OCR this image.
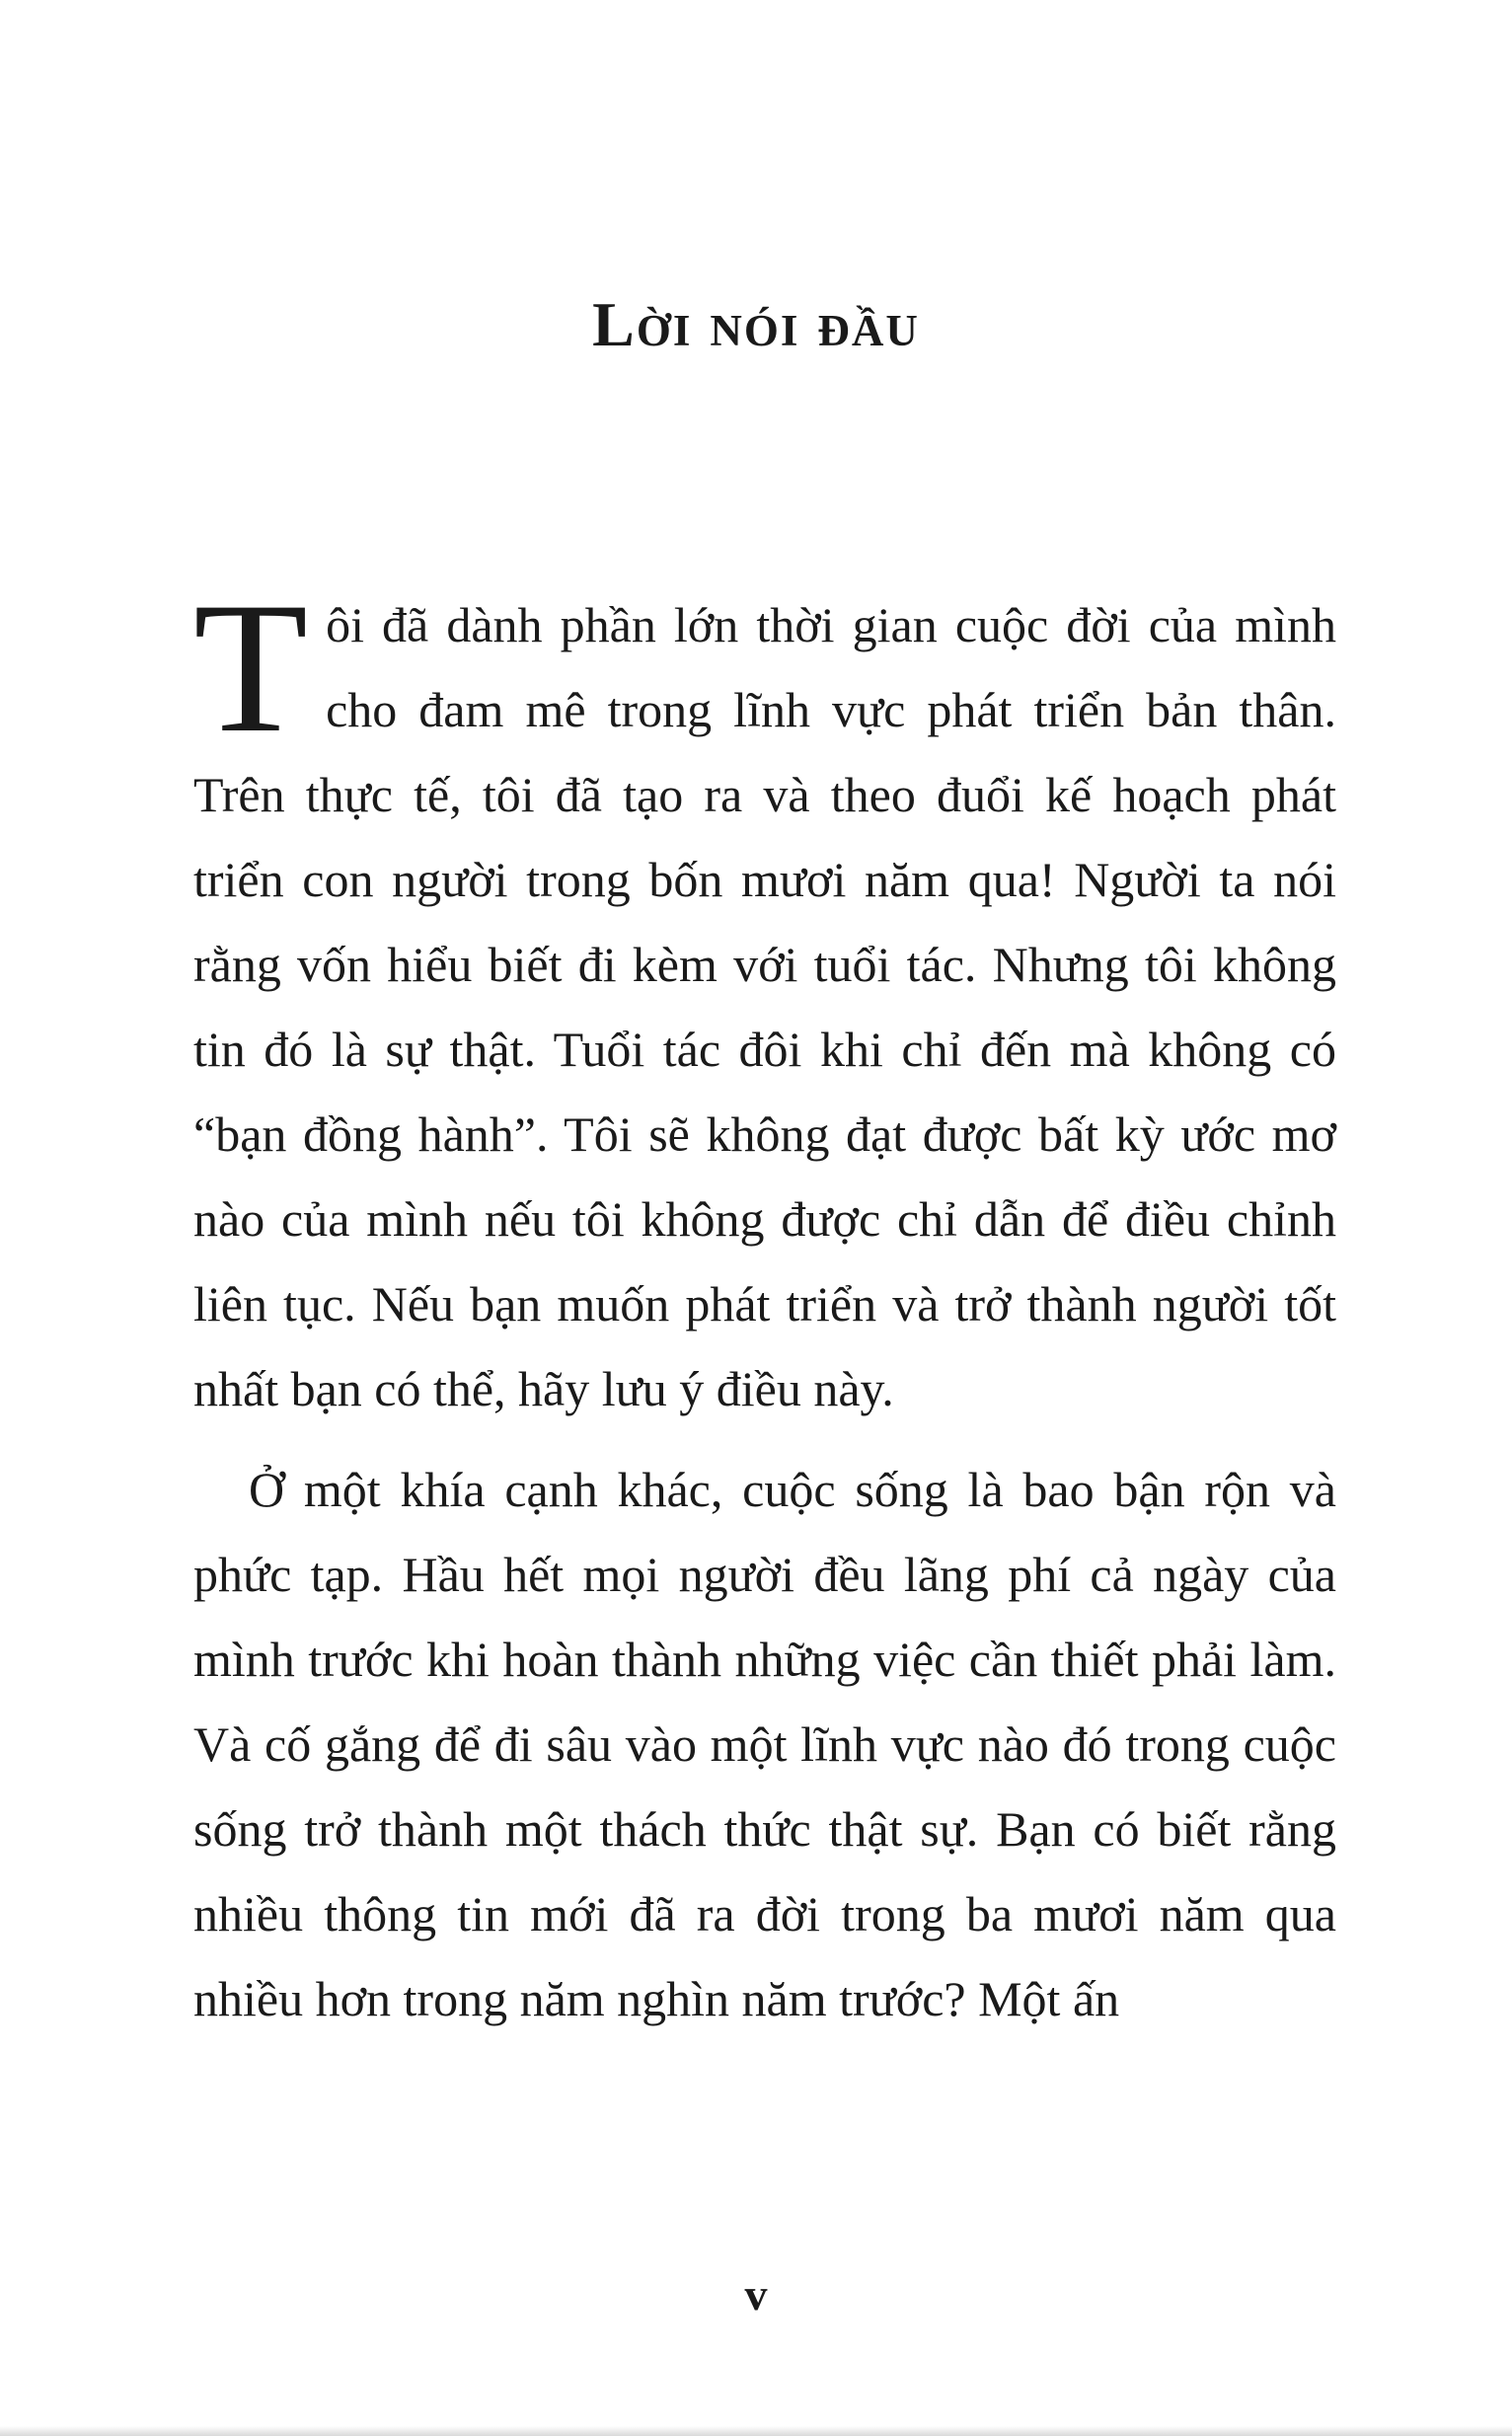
Lời nói đầu

Tôi đã dành phần lớn thời gian cuộc đời của mình cho đam mê trong lĩnh vực phát triển bản thân. Trên thực tế, tôi đã tạo ra và theo đuổi kế hoạch phát triển con người trong bốn mươi năm qua! Người ta nói rằng vốn hiểu biết đi kèm với tuổi tác. Nhưng tôi không tin đó là sự thật. Tuổi tác đôi khi chỉ đến mà không có “bạn đồng hành”. Tôi sẽ không đạt được bất kỳ ước mơ nào của mình nếu tôi không được chỉ dẫn để điều chỉnh liên tục. Nếu bạn muốn phát triển và trở thành người tốt nhất bạn có thể, hãy lưu ý điều này.

Ở một khía cạnh khác, cuộc sống là bao bận rộn và phức tạp. Hầu hết mọi người đều lãng phí cả ngày của mình trước khi hoàn thành những việc cần thiết phải làm. Và cố gắng để đi sâu vào một lĩnh vực nào đó trong cuộc sống trở thành một thách thức thật sự. Bạn có biết rằng nhiều thông tin mới đã ra đời trong ba mươi năm qua nhiều hơn trong năm nghìn năm trước? Một ấn

v
